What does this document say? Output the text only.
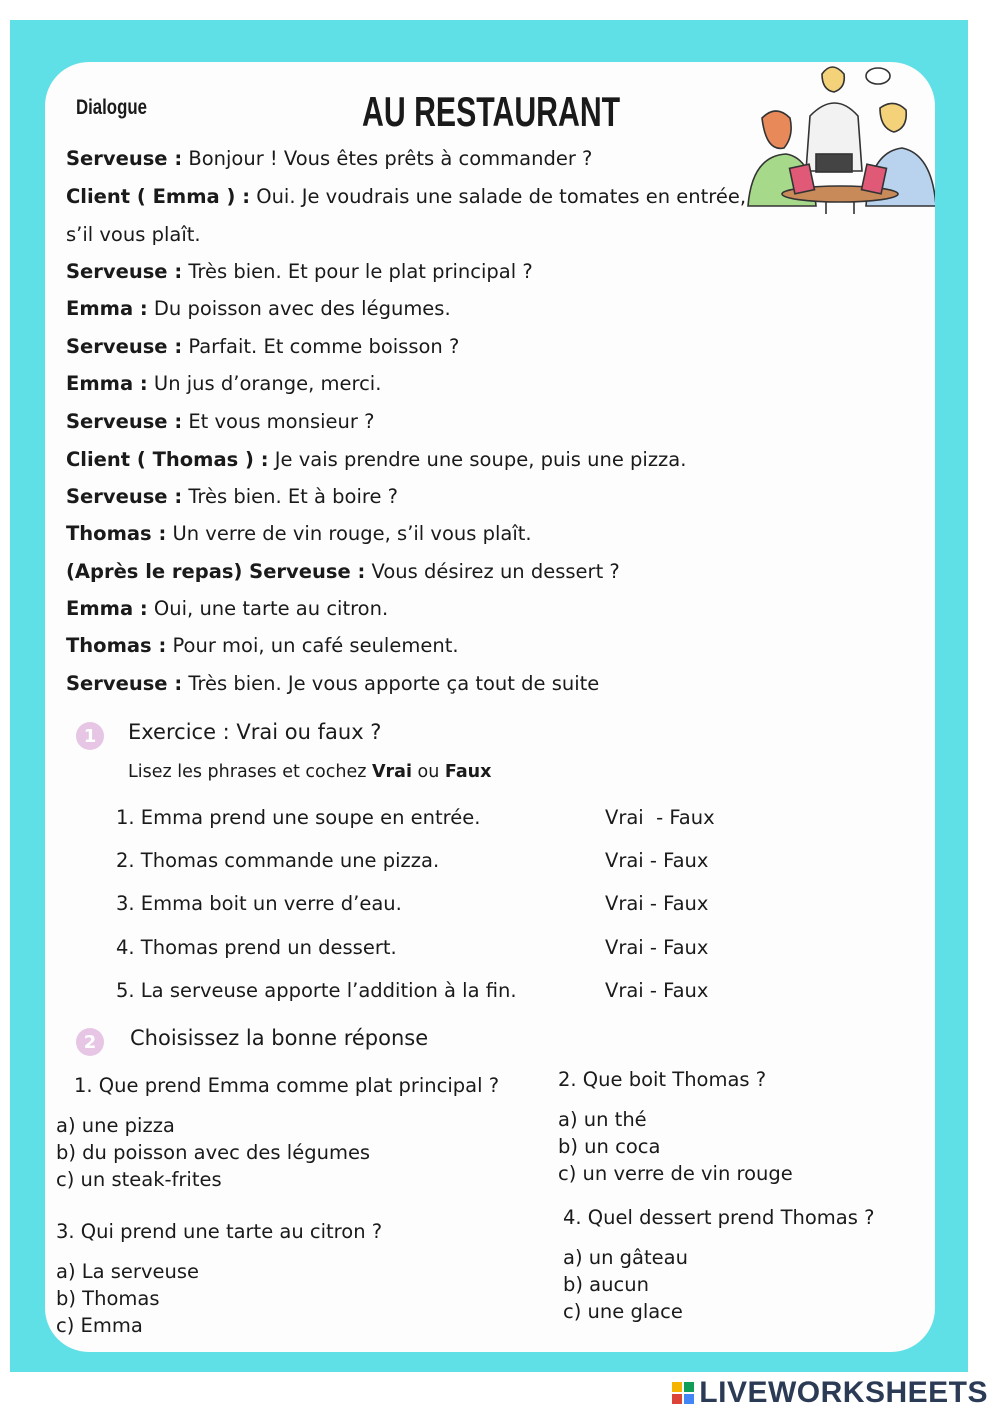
Dialogue	AU RESTAURANT
Serveuse : Bonjour ! Vous êtes prêts à commander ?
Client ( Emma ) : Oui. Je voudrais une salade de tomates en entrée,
s’il vous plaît.
Serveuse : Très bien. Et pour le plat principal ?
Emma : Du poisson avec des légumes.
Serveuse : Parfait. Et comme boisson ?
Emma : Un jus d’orange, merci.
Serveuse : Et vous monsieur ?
Client ( Thomas ) : Je vais prendre une soupe, puis une pizza.
Serveuse : Très bien. Et à boire ?
Thomas : Un verre de vin rouge, s’il vous plaît.
(Après le repas) Serveuse : Vous désirez un dessert ?
Emma : Oui, une tarte au citron.
Thomas : Pour moi, un café seulement.
Serveuse : Très bien. Je vous apporte ça tout de suite
1	Exercice : Vrai ou faux ?
Lisez les phrases et cochez Vrai ou Faux
1. Emma prend une soupe en entrée.	Vrai  - Faux
2. Thomas commande une pizza.	Vrai - Faux
3. Emma boit un verre d’eau.	Vrai - Faux
4. Thomas prend un dessert.	Vrai - Faux
5. La serveuse apporte l’addition à la fin.	Vrai - Faux
2	Choisissez la bonne réponse
1. Que prend Emma comme plat principal ?
a) une pizza
b) du poisson avec des légumes
c) un steak-frites
2. Que boit Thomas ?
a) un thé
b) un coca
c) un verre de vin rouge
3. Qui prend une tarte au citron ?
a) La serveuse
b) Thomas
c) Emma
4. Quel dessert prend Thomas ?
a) un gâteau
b) aucun
c) une glace
LIVEWORKSHEETS
